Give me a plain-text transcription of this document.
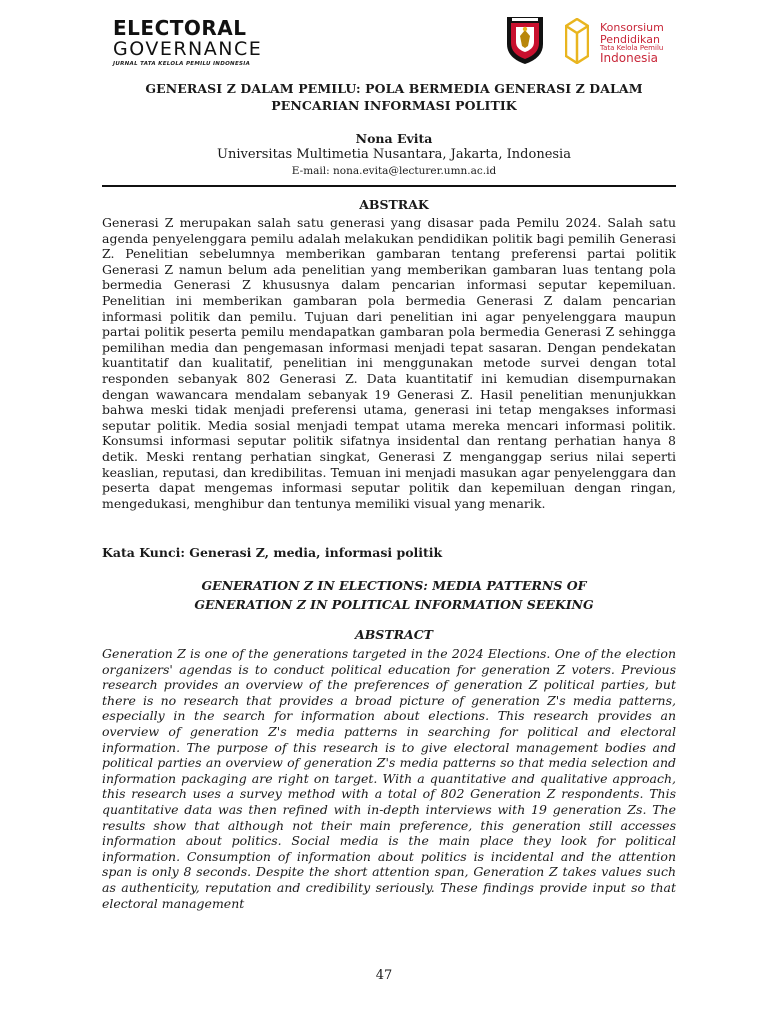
ELECTORAL
GOVERNANCE
JURNAL TATA KELOLA PEMILU INDONESIA
Konsorsium
Pendidikan
Tata Kelola Pemilu
Indonesia
GENERASI Z DALAM PEMILU: POLA BERMEDIA GENERASI Z DALAM
PENCARIAN INFORMASI POLITIK
Nona Evita
Universitas Multimetia Nusantara, Jakarta, Indonesia
E-mail: nona.evita@lecturer.umn.ac.id
ABSTRAK
Generasi Z merupakan salah satu generasi yang disasar pada Pemilu 2024. Salah satu agenda penyelenggara pemilu adalah melakukan pendidikan politik bagi pemilih Generasi Z. Penelitian sebelumnya memberikan gambaran tentang preferensi partai politik Generasi Z namun belum ada penelitian yang memberikan gambaran luas tentang pola bermedia Generasi Z khususnya dalam pencarian informasi seputar kepemiluan. Penelitian ini memberikan gambaran pola bermedia Generasi Z dalam pencarian informasi politik dan pemilu. Tujuan dari penelitian ini agar penyelenggara maupun partai politik peserta pemilu mendapatkan gambaran pola bermedia Generasi Z sehingga pemilihan media dan pengemasan informasi menjadi tepat sasaran. Dengan pendekatan kuantitatif dan kualitatif, penelitian ini menggunakan metode survei dengan total responden sebanyak 802 Generasi Z. Data kuantitatif ini kemudian disempurnakan dengan wawancara mendalam sebanyak 19 Generasi Z. Hasil penelitian menunjukkan bahwa meski tidak menjadi preferensi utama, generasi ini tetap mengakses informasi seputar politik. Media sosial menjadi tempat utama mereka mencari informasi politik. Konsumsi informasi seputar politik sifatnya insidental dan rentang perhatian hanya 8 detik. Meski rentang perhatian singkat, Generasi Z menganggap serius nilai seperti keaslian, reputasi, dan kredibilitas. Temuan ini menjadi masukan agar penyelenggara dan peserta dapat mengemas informasi seputar politik dan kepemiluan dengan ringan, mengedukasi, menghibur dan tentunya memiliki visual yang menarik.
Kata Kunci: Generasi Z, media, informasi politik
GENERATION Z IN ELECTIONS: MEDIA PATTERNS OF
GENERATION Z IN POLITICAL INFORMATION SEEKING
ABSTRACT
Generation Z is one of the generations targeted in the 2024 Elections. One of the election organizers' agendas is to conduct political education for generation Z voters. Previous research provides an overview of the preferences of generation Z political parties, but there is no research that provides a broad picture of generation Z's media patterns, especially in the search for information about elections. This research provides an overview of generation Z's media patterns in searching for political and electoral information. The purpose of this research is to give electoral management bodies and political parties an overview of generation Z's media patterns so that media selection and information packaging are right on target. With a quantitative and qualitative approach, this research uses a survey method with a total of 802 Generation Z respondents. This quantitative data was then refined with in-depth interviews with 19 generation Zs. The results show that although not their main preference, this generation still accesses information about politics. Social media is the main place they look for political information. Consumption of information about politics is incidental and the attention span is only 8 seconds. Despite the short attention span, Generation Z takes values such as authenticity, reputation and credibility seriously. These findings provide input so that electoral management
47
